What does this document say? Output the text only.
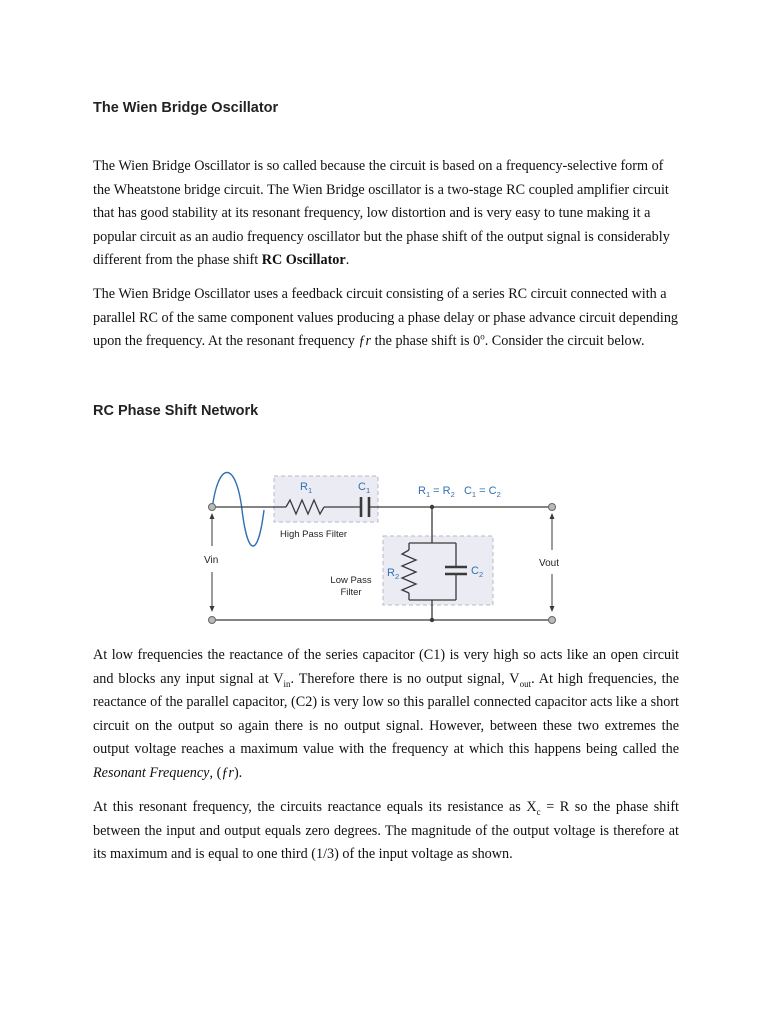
The Wien Bridge Oscillator

The Wien Bridge Oscillator is so called because the circuit is based on a frequency-selective form of the Wheatstone bridge circuit. The Wien Bridge oscillator is a two-stage RC coupled amplifier circuit that has good stability at its resonant frequency, low distortion and is very easy to tune making it a popular circuit as an audio frequency oscillator but the phase shift of the output signal is considerably different from the phase shift RC Oscillator.

The Wien Bridge Oscillator uses a feedback circuit consisting of a series RC circuit connected with a parallel RC of the same component values producing a phase delay or phase advance circuit depending upon the frequency. At the resonant frequency ƒr the phase shift is 0$^o$. Consider the circuit below.

RC Phase Shift Network
$R_1$	$C_1$	$R_1 = R_2$   $C_1 = C_2$
High Pass Filter
Low Pass
Filter
$R_2$	$C_2$
Vin	Vout

At low frequencies the reactance of the series capacitor (C1) is very high so acts like an open circuit and blocks any input signal at $V_{in}$. Therefore there is no output signal, $V_{out}$. At high frequencies, the reactance of the parallel capacitor, (C2) is very low so this parallel connected capacitor acts like a short circuit on the output so again there is no output signal. However, between these two extremes the output voltage reaches a maximum value with the frequency at which this happens being called the Resonant Frequency, (ƒr).

At this resonant frequency, the circuits reactance equals its resistance as $X_c = R$ so the phase shift between the input and output equals zero degrees. The magnitude of the output voltage is therefore at its maximum and is equal to one third (1/3) of the input voltage as shown.
